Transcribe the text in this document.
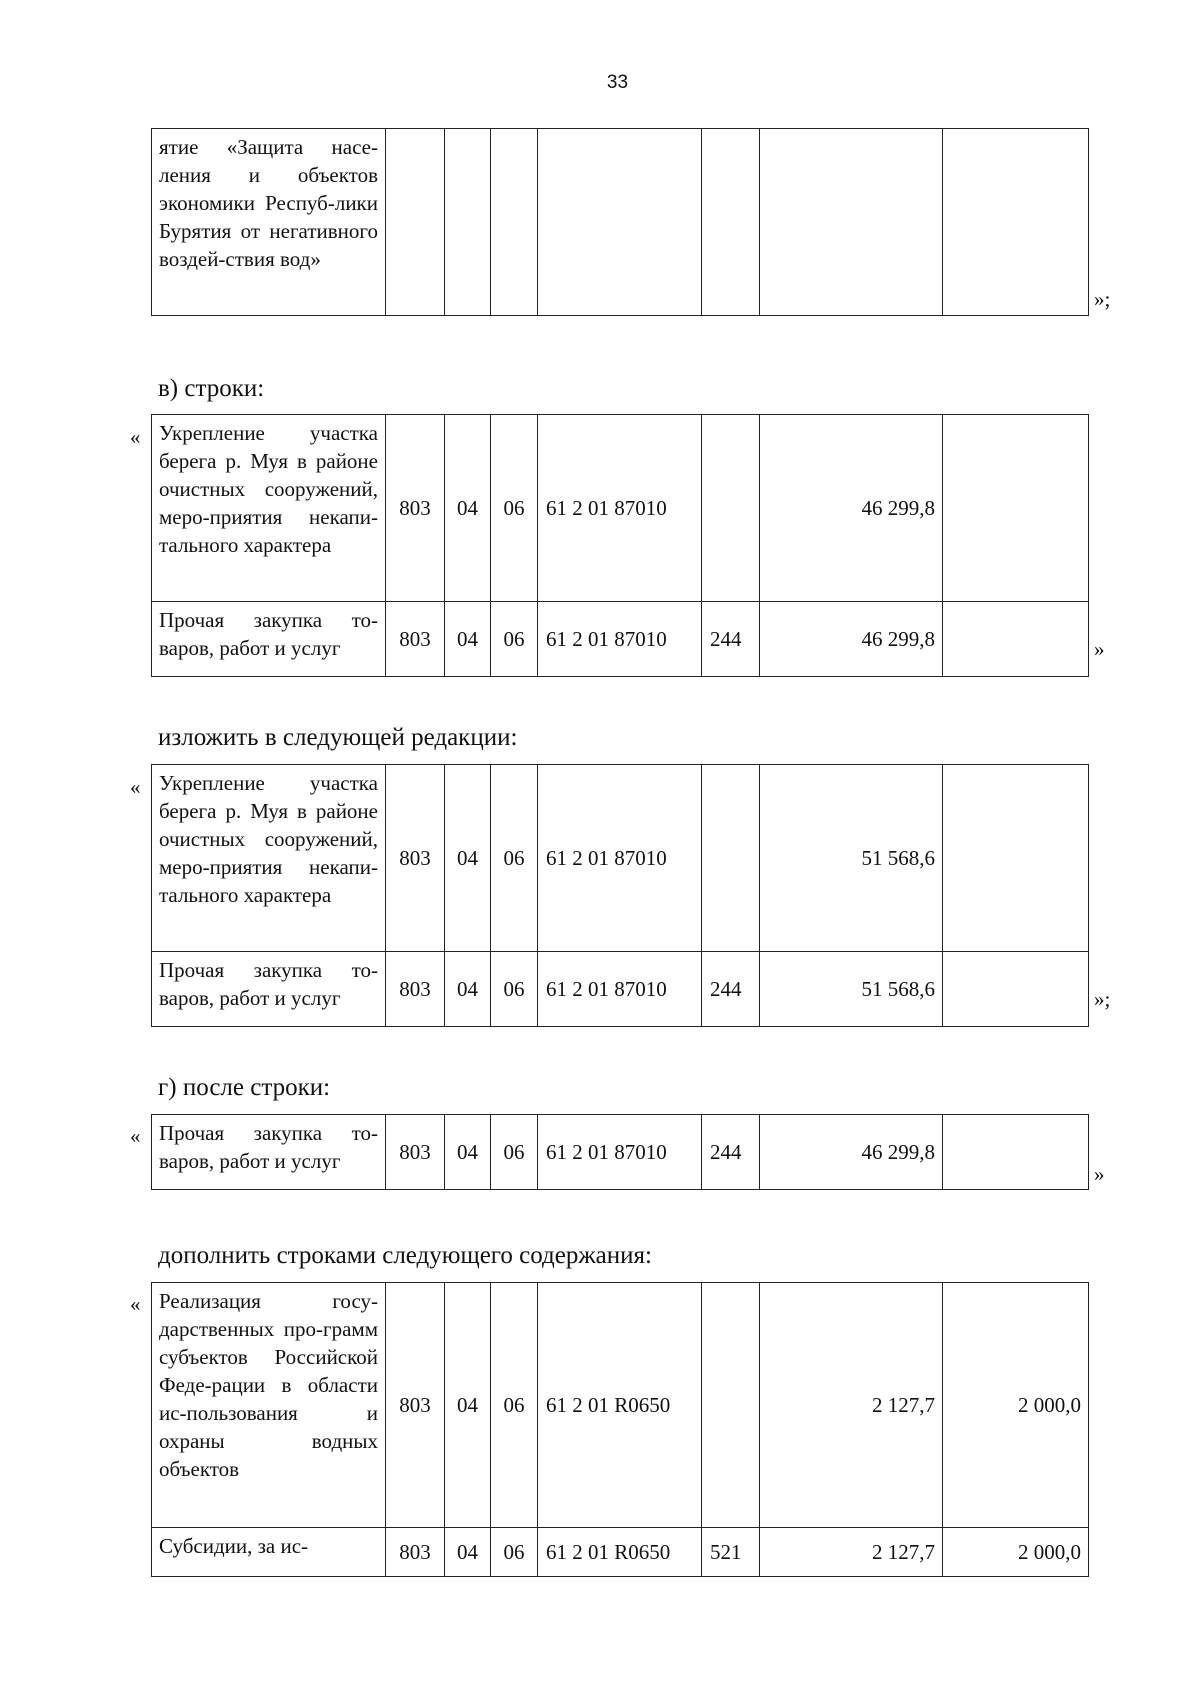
33
ятие «Защита насе-ления и объектов экономики Респуб-лики Бурятия от негативного воздей-ствия вод»

»;
в) строки:
« Укрепление участка берега р. Муя в районе очистных сооружений, меро-приятия некапи-тального характера	803	04	06	61 2 01 87010		46 299,8	

Прочая закупка то-варов, работ и услуг	803	04	06	61 2 01 87010	244	46 299,8		»
изложить в следующей редакции:
« Укрепление участка берега р. Муя в районе очистных сооружений, меро-приятия некапи-тального характера	803	04	06	61 2 01 87010		51 568,6	

Прочая закупка то-варов, работ и услуг	803	04	06	61 2 01 87010	244	51 568,6		»;
г) после строки:
« Прочая закупка то-варов, работ и услуг	803	04	06	61 2 01 87010	244	46 299,8	
»
дополнить строками следующего содержания:
« Реализация госу-дарственных про-грамм субъектов Российской Феде-рации в области ис-пользования и охраны водных объектов	803	04	06	61 2 01 R0650		2 127,7	2 000,0

Субсидии, за ис-	803	04	06	61 2 01 R0650	521	2 127,7	2 000,0
